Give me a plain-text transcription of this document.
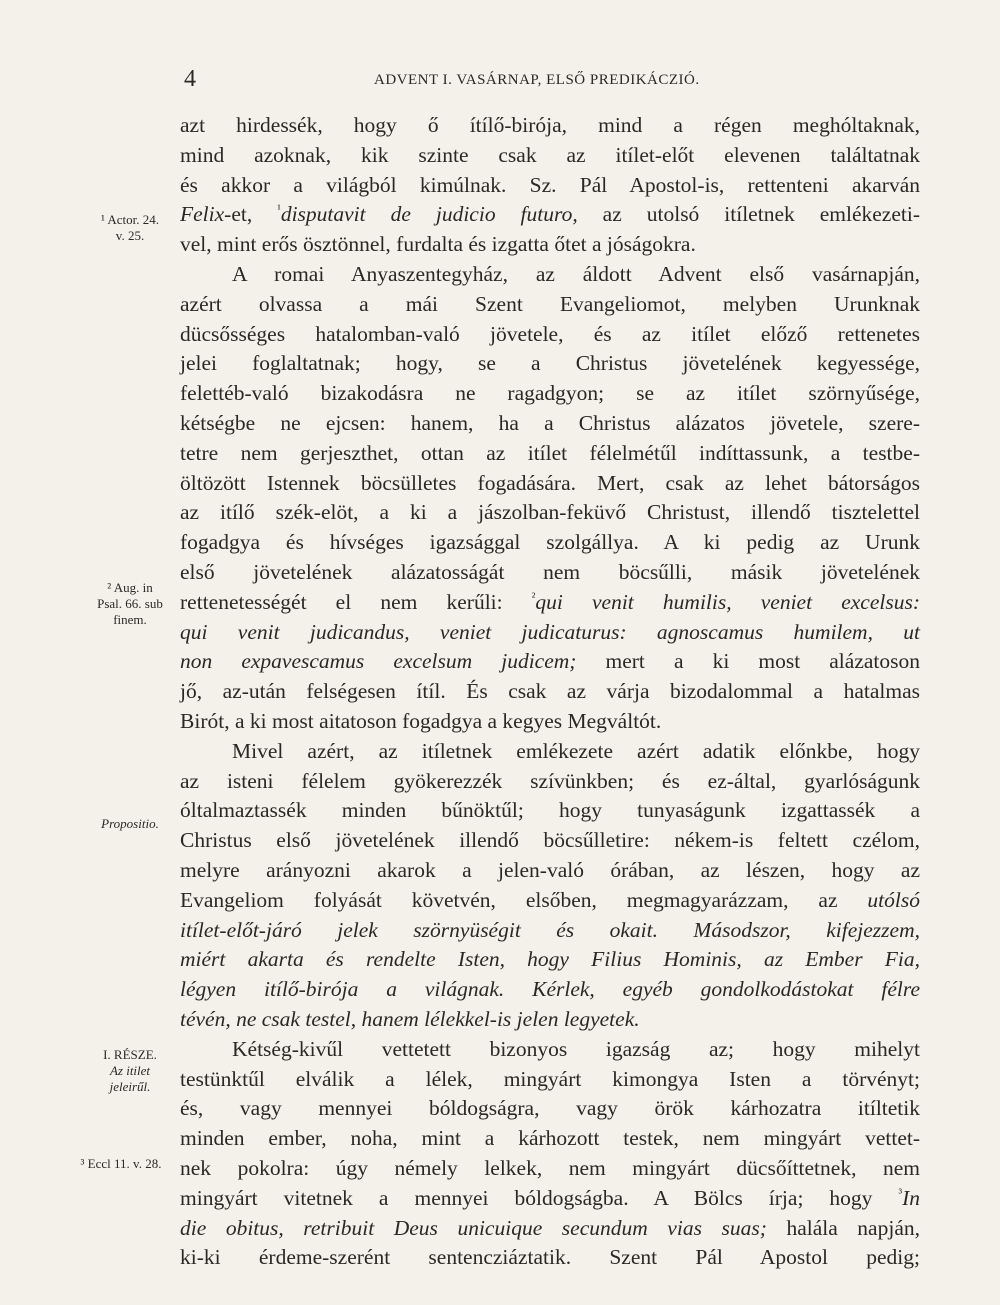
4	ADVENT I. VASÁRNAP, ELSŐ PREDIKÁCZIÓ.
¹ Actor. 24.
v. 25.
² Aug. in
Psal. 66. sub
finem.
Propositio.
I. RÉSZE.
Az itilet
jeleirűl.
³ Eccl 11. v. 28.
azt hirdessék, hogy ő ítílő-birója, mind a régen meghóltaknak,
mind azoknak, kik szinte csak az itílet-előt elevenen találtatnak
és akkor a világból kimúlnak. Sz. Pál Apostol-is, rettenteni akarván
Felix-et, $^{^1}$disputavit de judicio futuro, az utolsó itíletnek emlékezeti-
vel, mint erős ösztönnel, furdalta és izgatta őtet a jóságokra.
A romai Anyaszentegyház, az áldott Advent első vasárnapján,
azért olvassa a mái Szent Evangeliomot, melyben Urunknak
dücsősséges hatalomban-való jövetele, és az itílet előző rettenetes
jelei foglaltatnak; hogy, se a Christus jövetelének kegyessége,
felettéb-való bizakodásra ne ragadgyon; se az itílet szörnyűsége,
kétségbe ne ejcsen: hanem, ha a Christus alázatos jövetele, szere-
tetre nem gerjeszthet, ottan az itílet félelmétűl indíttassunk, a testbe-
öltözött Istennek böcsülletes fogadására. Mert, csak az lehet bátorságos
az itílő szék-elöt, a ki a jászolban-feküvő Christust, illendő tisztelettel
fogadgya és hívséges igazsággal szolgállya. A ki pedig az Urunk
első jövetelének alázatosságát nem böcsűlli, másik jövetelének
rettenetességét el nem kerűli: $^{^2}$qui venit humilis, veniet excelsus:
qui venit judicandus, veniet judicaturus: agnoscamus humilem, ut
non expavescamus excelsum judicem; mert a ki most alázatoson
jő, az-után felségesen ítíl. És csak az várja bizodalommal a hatalmas
Birót, a ki most aitatoson fogadgya a kegyes Megváltót.
Mivel azért, az itíletnek emlékezete azért adatik előnkbe, hogy
az isteni félelem gyökerezzék szívünkben; és ez-által, gyarlóságunk
óltalmaztassék minden bűnöktűl; hogy tunyaságunk izgattassék a
Christus első jövetelének illendő böcsűlletire: nékem-is feltett czélom,
melyre arányozni akarok a jelen-való órában, az lészen, hogy az
Evangeliom folyását követvén, elsőben, megmagyarázzam, az utólsó
itílet-előt-járó jelek szörnyüségit és okait. Másodszor, kifejezzem,
miért akarta és rendelte Isten, hogy Filius Hominis, az Ember Fia,
légyen itílő-birója a világnak. Kérlek, egyéb gondolkodástokat félre
tévén, ne csak testel, hanem lélekkel-is jelen legyetek.
Kétség-kivűl vettetett bizonyos igazság az; hogy mihelyt
testünktűl elválik a lélek, mingyárt kimongya Isten a törvényt;
és, vagy mennyei bóldogságra, vagy örök kárhozatra itíltetik
minden ember, noha, mint a kárhozott testek, nem mingyárt vettet-
nek pokolra: úgy némely lelkek, nem mingyárt dücsőíttetnek, nem
mingyárt vitetnek a mennyei bóldogságba. A Bölcs írja; hogy $^{^3}$In
die obitus, retribuit Deus unicuique secundum vias suas; halála napján,
ki-ki érdeme-szerént sentencziáztatik. Szent Pál Apostol pedig;
